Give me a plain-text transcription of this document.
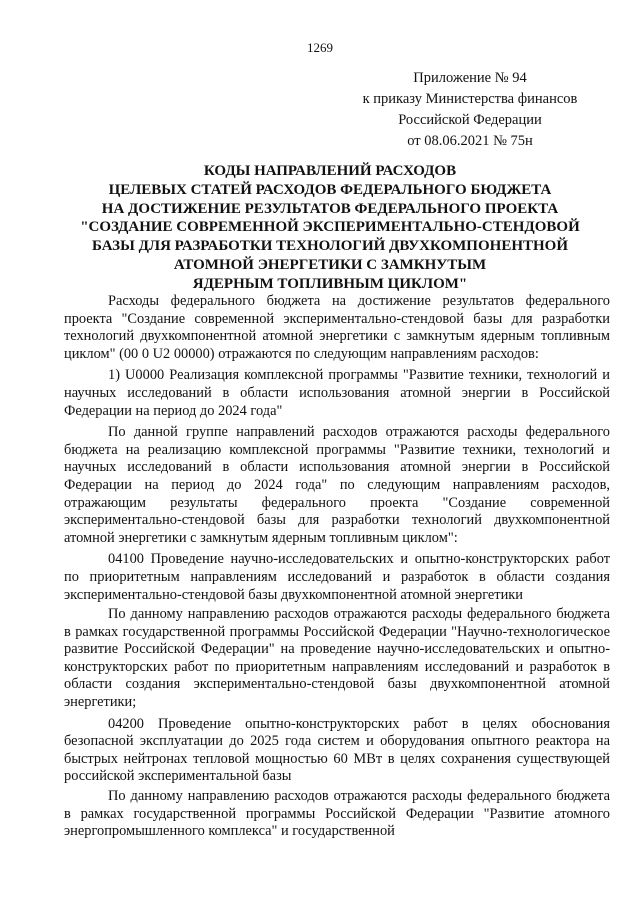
1269
Приложение № 94
к приказу Министерства финансов
Российской Федерации
от 08.06.2021 № 75н
КОДЫ НАПРАВЛЕНИЙ РАСХОДОВ
ЦЕЛЕВЫХ СТАТЕЙ РАСХОДОВ ФЕДЕРАЛЬНОГО БЮДЖЕТА
НА ДОСТИЖЕНИЕ РЕЗУЛЬТАТОВ ФЕДЕРАЛЬНОГО ПРОЕКТА
"СОЗДАНИЕ СОВРЕМЕННОЙ ЭКСПЕРИМЕНТАЛЬНО-СТЕНДОВОЙ
БАЗЫ ДЛЯ РАЗРАБОТКИ ТЕХНОЛОГИЙ ДВУХКОМПОНЕНТНОЙ
АТОМНОЙ ЭНЕРГЕТИКИ С ЗАМКНУТЫМ
ЯДЕРНЫМ ТОПЛИВНЫМ ЦИКЛОМ"

Расходы федерального бюджета на достижение результатов федерального проекта "Создание современной экспериментально-стендовой базы для разработки технологий двухкомпонентной атомной энергетики с замкнутым ядерным топливным циклом" (00 0 U2 00000) отражаются по следующим направлениям расходов:

1) U0000 Реализация комплексной программы "Развитие техники, технологий и научных исследований в области использования атомной энергии в Российской Федерации на период до 2024 года"

По данной группе направлений расходов отражаются расходы федерального бюджета на реализацию комплексной программы "Развитие техники, технологий и научных исследований в области использования атомной энергии в Российской Федерации на период до 2024 года" по следующим направлениям расходов, отражающим результаты федерального проекта "Создание современной экспериментально-стендовой базы для разработки технологий двухкомпонентной атомной энергетики с замкнутым ядерным топливным циклом":

04100 Проведение научно-исследовательских и опытно-конструкторских работ по приоритетным направлениям исследований и разработок в области создания экспериментально-стендовой базы двухкомпонентной атомной энергетики

По данному направлению расходов отражаются расходы федерального бюджета в рамках государственной программы Российской Федерации "Научно-технологическое развитие Российской Федерации" на проведение научно-исследовательских и опытно-конструкторских работ по приоритетным направлениям исследований и разработок в области создания экспериментально-стендовой базы двухкомпонентной атомной энергетики;

04200 Проведение опытно-конструкторских работ в целях обоснования безопасной эксплуатации до 2025 года систем и оборудования опытного реактора на быстрых нейтронах тепловой мощностью 60 МВт в целях сохранения существующей российской экспериментальной базы

По данному направлению расходов отражаются расходы федерального бюджета в рамках государственной программы Российской Федерации "Развитие атомного энергопромышленного комплекса" и государственной
